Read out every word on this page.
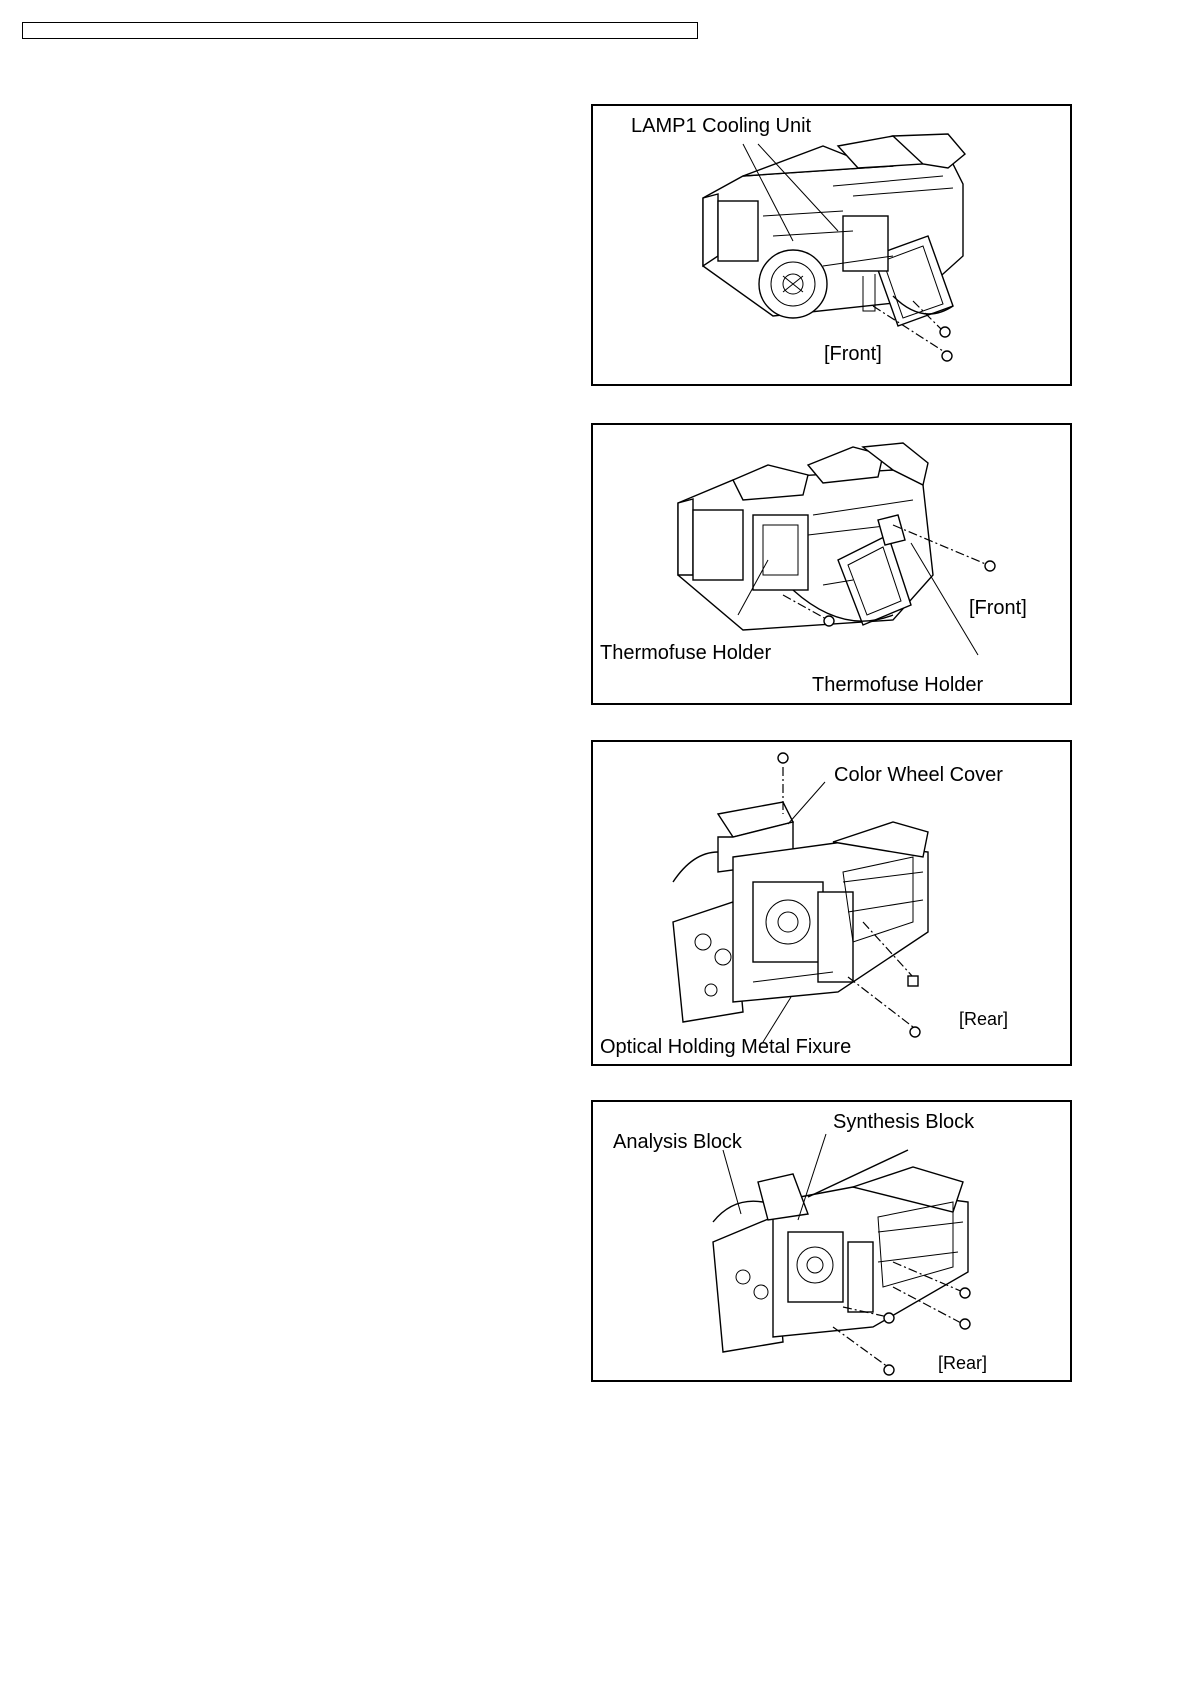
LAMP1 Cooling Unit
[Front]
Thermofuse Holder
[Front]
Thermofuse Holder
Color Wheel Cover
[Rear]
Optical Holding Metal Fixure
Synthesis Block
Analysis Block
[Rear]
